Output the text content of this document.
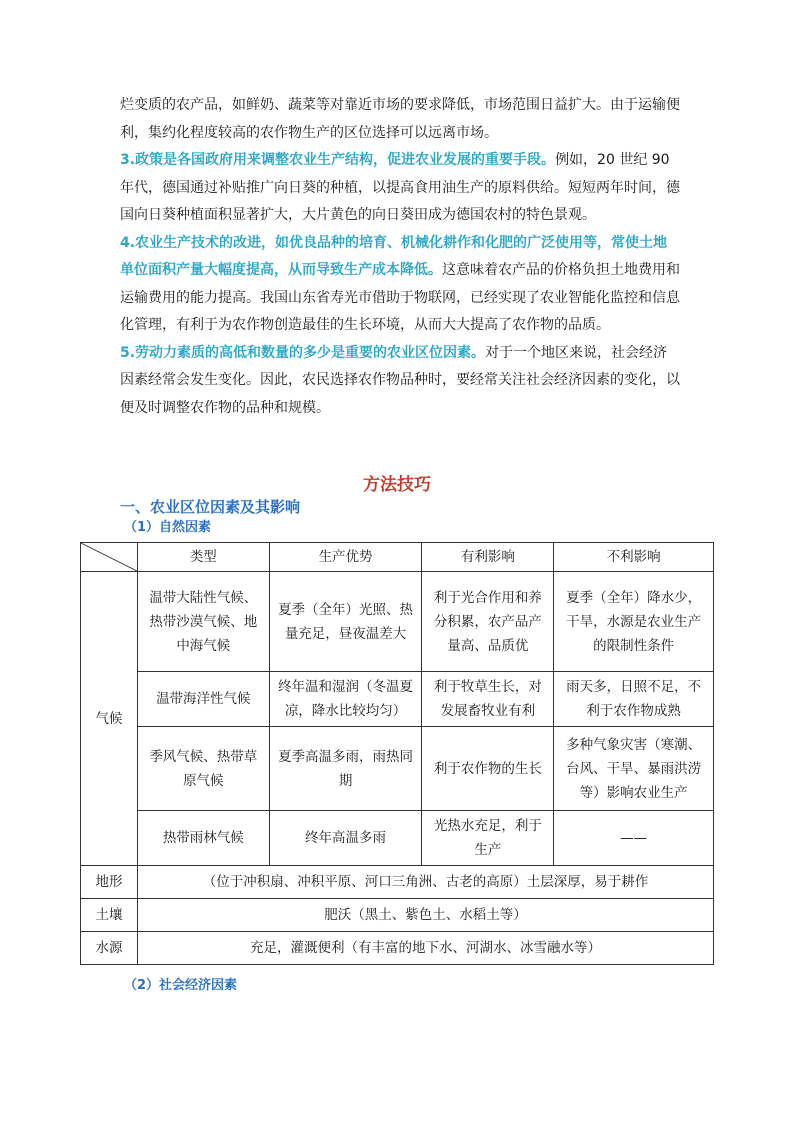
烂变质的农产品，如鲜奶、蔬菜等对靠近市场的要求降低，市场范围日益扩大。由于运输便利，集约化程度较高的农作物生产的区位选择可以远离市场。

3.政策是各国政府用来调整农业生产结构，促进农业发展的重要手段。例如，20 世纪 90 年代，德国通过补贴推广向日葵的种植，以提高食用油生产的原料供给。短短两年时间，德国向日葵种植面积显著扩大，大片黄色的向日葵田成为德国农村的特色景观。

4.农业生产技术的改进，如优良品种的培育、机械化耕作和化肥的广泛使用等，常使土地单位面积产量大幅度提高，从而导致生产成本降低。这意味着农产品的价格负担土地费用和运输费用的能力提高。我国山东省寿光市借助于物联网，已经实现了农业智能化监控和信息化管理，有利于为农作物创造最佳的生长环境，从而大大提高了农作物的品质。

5.劳动力素质的高低和数量的多少是重要的农业区位因素。对于一个地区来说，社会经济因素经常会发生变化。因此，农民选择农作物品种时，要经常关注社会经济因素的变化，以便及时调整农作物的品种和规模。

方法技巧
一、农业区位因素及其影响
（1）自然因素
	类型	生产优势	有利影响	不利影响
气候	温带大陆性气候、热带沙漠气候、地中海气候	夏季（全年）光照、热量充足，昼夜温差大	利于光合作用和养分积累，农产品产量高、品质优	夏季（全年）降水少，干旱，水源是农业生产的限制性条件
	温带海洋性气候	终年温和湿润（冬温夏凉，降水比较均匀）	利于牧草生长，对发展畜牧业有利	雨天多，日照不足，不利于农作物成熟
	季风气候、热带草原气候	夏季高温多雨，雨热同期	利于农作物的生长	多种气象灾害（寒潮、台风、干旱、暴雨洪涝等）影响农业生产
	热带雨林气候	终年高温多雨	光热水充足，利于生产	——
地形	（位于冲积扇、冲积平原、河口三角洲、古老的高原）土层深厚，易于耕作			
土壤	肥沃（黑土、紫色土、水稻土等）			
水源	充足，灌溉便利（有丰富的地下水、河湖水、冰雪融水等）			
（2）社会经济因素
